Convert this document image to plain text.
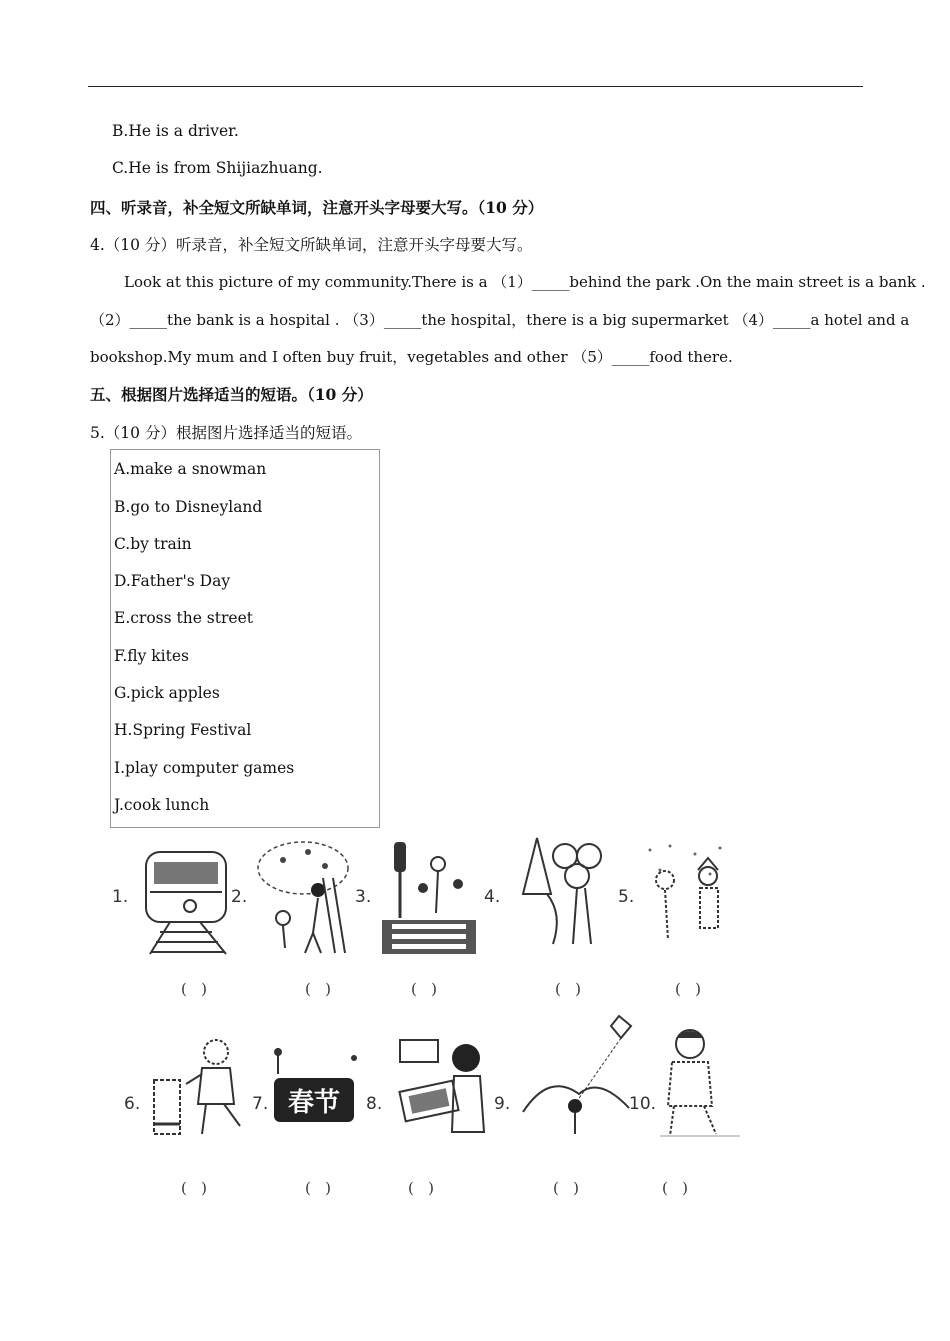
B.He is a driver.
C.He is from Shijiazhuang.
四、听录音，补全短文所缺单词，注意开头字母要大写。（10 分）
4.（10 分）听录音，补全短文所缺单词，注意开头字母要大写。
Look at this picture of my community.There is a （1）_____behind the park .On the main street is a bank .
（2）_____the bank is a hospital . （3）_____the hospital，there is a big supermarket （4）_____a hotel and a
bookshop.My mum and I often buy fruit，vegetables and other （5）_____food there.
五、根据图片选择适当的短语。（10 分）
5.（10 分）根据图片选择适当的短语。
A.make a snowman
B.go to Disneyland
C.by train
D.Father's Day
E.cross the street
F.fly kites
G.pick apples
H.Spring Festival
I.play computer games
J.cook lunch
1.	2.	3.	4.	5.
(   )	(   )	(   )	(   )	(   )
6.	7.	8.	9.	10.
春节
(   )	(   )	(   )	(   )	(   )
